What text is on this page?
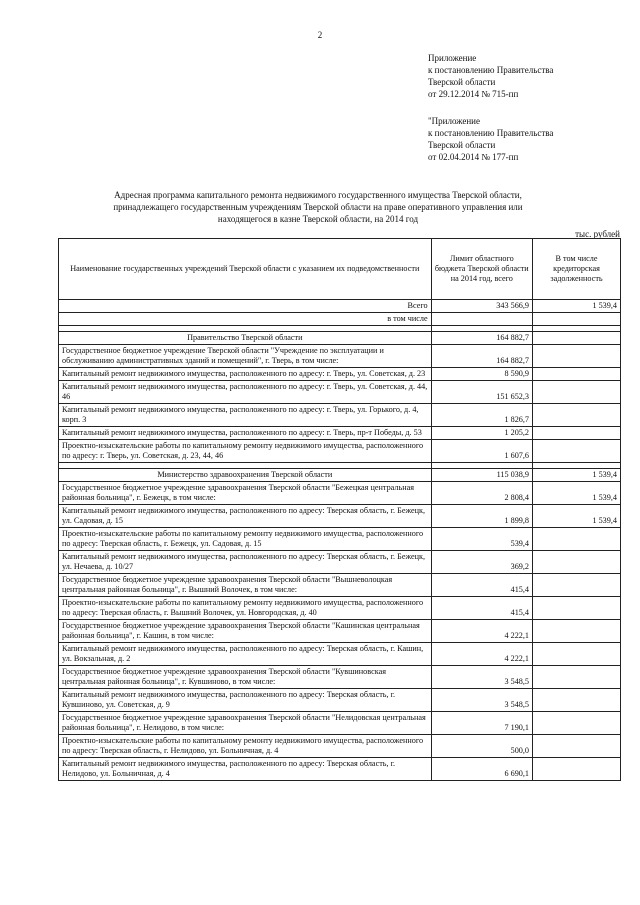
2
Приложение
к постановлению Правительства
Тверской области
от 29.12.2014 № 715-пп
"Приложение
к постановлению Правительства
Тверской области
от 02.04.2014 № 177-пп
Адресная программа капитального ремонта недвижимого государственного имущества Тверской области,
принадлежащего государственным учреждениям Тверской области на праве оперативного управления или
находящегося в казне Тверской области, на 2014 год
тыс. рублей
Наименование государственных учреждений Тверской области с указанием их подведомственности	Лимит областного бюджета Тверской области на 2014 год, всего	В том числе кредиторская задолженность
Всего	343 566,9	1 539,4
в том числе		

Правительство Тверской области	164 882,7	
Государственное бюджетное учреждение Тверской области "Учреждение по эксплуатации и обслуживанию административных зданий и помещений", г. Тверь, в том числе:	164 882,7	
Капитальный ремонт недвижимого имущества, расположенного по адресу: г. Тверь, ул. Советская, д. 23	8 590,9	
Капитальный ремонт недвижимого имущества, расположенного по адресу: г. Тверь, ул. Советская, д. 44, 46	151 652,3	
Капитальный ремонт недвижимого имущества, расположенного по адресу: г. Тверь, ул. Горького, д. 4, корп. 3	1 826,7	
Капитальный ремонт недвижимого имущества, расположенного по адресу: г. Тверь, пр-т Победы, д. 53	1 205,2	
Проектно-изыскательские работы по капитальному ремонту недвижимого имущества, расположенного по адресу: г. Тверь, ул. Советская, д. 23, 44, 46	1 607,6	

Министерство здравоохранения Тверской области	115 038,9	1 539,4
Государственное бюджетное учреждение здравоохранения Тверской области "Бежецкая центральная районная больница", г. Бежецк, в том числе:	2 808,4	1 539,4
Капитальный ремонт недвижимого имущества, расположенного по адресу: Тверская область, г. Бежецк, ул. Садовая, д. 15	1 899,8	1 539,4
Проектно-изыскательские работы по капитальному ремонту недвижимого имущества, расположенного по адресу: Тверская область, г. Бежецк, ул. Садовая, д. 15	539,4	
Капитальный ремонт недвижимого имущества, расположенного по адресу: Тверская область, г. Бежецк, ул. Нечаева, д. 10/27	369,2	
Государственное бюджетное учреждение здравоохранения Тверской области "Вышневолоцкая центральная районная больница", г. Вышний Волочек, в том числе:	415,4	
Проектно-изыскательские работы по капитальному ремонту недвижимого имущества, расположенного по адресу: Тверская область, г. Вышний Волочек, ул. Новгородская, д. 40	415,4	
Государственное бюджетное учреждение здравоохранения Тверской области "Кашинская центральная районная больница", г. Кашин, в том числе:	4 222,1	
Капитальный ремонт недвижимого имущества, расположенного по адресу: Тверская область, г. Кашин, ул. Вокзальная, д. 2	4 222,1	
Государственное бюджетное учреждение здравоохранения Тверской области "Кувшиновская центральная районная больница", г. Кувшиново, в том числе:	3 548,5	
Капитальный ремонт недвижимого имущества, расположенного по адресу: Тверская область, г. Кувшиново, ул. Советская, д. 9	3 548,5	
Государственное бюджетное учреждение здравоохранения Тверской области "Нелидовская центральная районная больница", г. Нелидово, в том числе:	7 190,1	
Проектно-изыскательские работы по капитальному ремонту недвижимого имущества, расположенного по адресу: Тверская область, г. Нелидово, ул. Больничная, д. 4	500,0	
Капитальный ремонт недвижимого имущества, расположенного по адресу: Тверская область, г. Нелидово, ул. Больничная, д. 4	6 690,1	
